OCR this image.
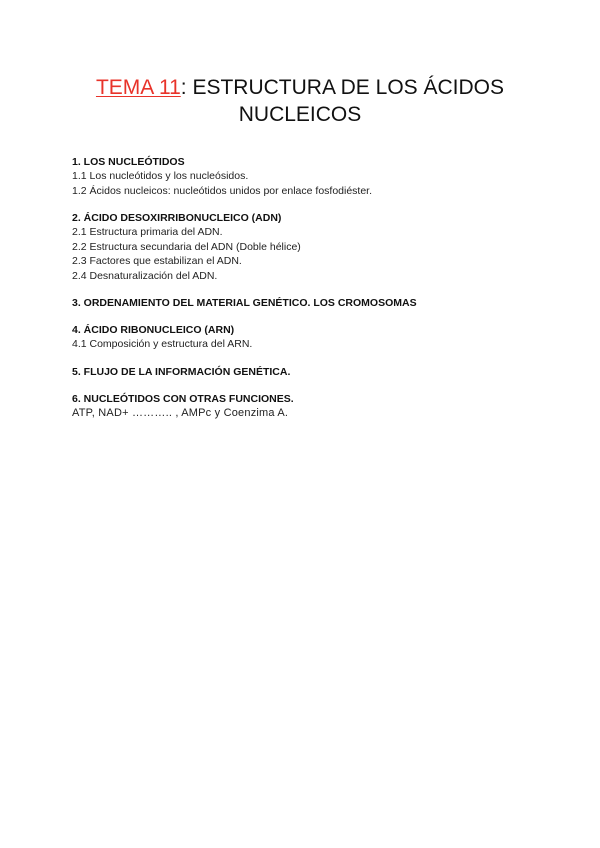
TEMA 11: ESTRUCTURA DE LOS ÁCIDOS
NUCLEICOS

1. LOS NUCLEÓTIDOS

1.1 Los nucleótidos y los nucleósidos.

1.2 Ácidos nucleicos: nucleótidos unidos por enlace fosfodiéster.

2. ÁCIDO DESOXIRRIBONUCLEICO (ADN)

2.1 Estructura primaria del ADN.

2.2 Estructura secundaria del ADN (Doble hélice)

2.3 Factores que estabilizan el ADN.

2.4 Desnaturalización del ADN.

3. ORDENAMIENTO DEL MATERIAL GENÉTICO. LOS CROMOSOMAS

4. ÁCIDO RIBONUCLEICO (ARN)

4.1 Composición y estructura del ARN.

5. FLUJO DE LA INFORMACIÓN GENÉTICA.

6. NUCLEÓTIDOS CON OTRAS FUNCIONES.

ATP, NAD+ ……….. , AMPc y Coenzima A.
